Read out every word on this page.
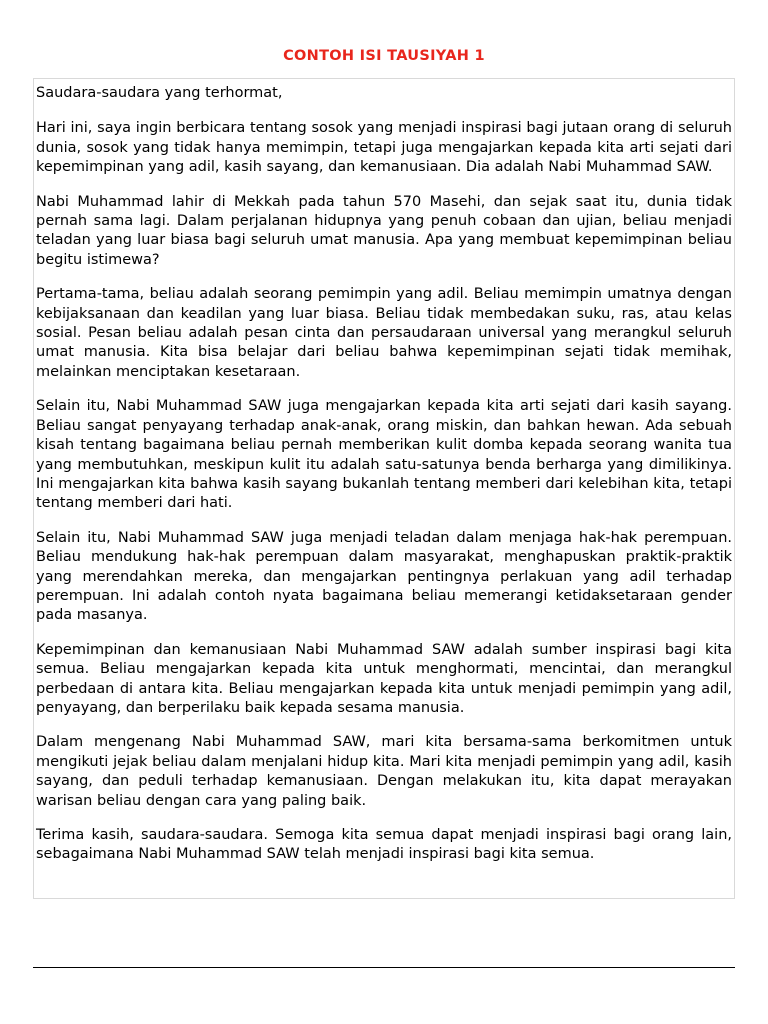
CONTOH ISI TAUSIYAH 1

Saudara-saudara yang terhormat,

Hari ini, saya ingin berbicara tentang sosok yang menjadi inspirasi bagi jutaan orang di seluruh dunia, sosok yang tidak hanya memimpin, tetapi juga mengajarkan kepada kita arti sejati dari kepemimpinan yang adil, kasih sayang, dan kemanusiaan. Dia adalah Nabi Muhammad SAW.

Nabi Muhammad lahir di Mekkah pada tahun 570 Masehi, dan sejak saat itu, dunia tidak pernah sama lagi. Dalam perjalanan hidupnya yang penuh cobaan dan ujian, beliau menjadi teladan yang luar biasa bagi seluruh umat manusia. Apa yang membuat kepemimpinan beliau begitu istimewa?

Pertama-tama, beliau adalah seorang pemimpin yang adil. Beliau memimpin umatnya dengan kebijaksanaan dan keadilan yang luar biasa. Beliau tidak membedakan suku, ras, atau kelas sosial. Pesan beliau adalah pesan cinta dan persaudaraan universal yang merangkul seluruh umat manusia. Kita bisa belajar dari beliau bahwa kepemimpinan sejati tidak memihak, melainkan menciptakan kesetaraan.

Selain itu, Nabi Muhammad SAW juga mengajarkan kepada kita arti sejati dari kasih sayang. Beliau sangat penyayang terhadap anak-anak, orang miskin, dan bahkan hewan. Ada sebuah kisah tentang bagaimana beliau pernah memberikan kulit domba kepada seorang wanita tua yang membutuhkan, meskipun kulit itu adalah satu-satunya benda berharga yang dimilikinya. Ini mengajarkan kita bahwa kasih sayang bukanlah tentang memberi dari kelebihan kita, tetapi tentang memberi dari hati.

Selain itu, Nabi Muhammad SAW juga menjadi teladan dalam menjaga hak-hak perempuan. Beliau mendukung hak-hak perempuan dalam masyarakat, menghapuskan praktik-praktik yang merendahkan mereka, dan mengajarkan pentingnya perlakuan yang adil terhadap perempuan. Ini adalah contoh nyata bagaimana beliau memerangi ketidaksetaraan gender pada masanya.

Kepemimpinan dan kemanusiaan Nabi Muhammad SAW adalah sumber inspirasi bagi kita semua. Beliau mengajarkan kepada kita untuk menghormati, mencintai, dan merangkul perbedaan di antara kita. Beliau mengajarkan kepada kita untuk menjadi pemimpin yang adil, penyayang, dan berperilaku baik kepada sesama manusia.

Dalam mengenang Nabi Muhammad SAW, mari kita bersama-sama berkomitmen untuk mengikuti jejak beliau dalam menjalani hidup kita. Mari kita menjadi pemimpin yang adil, kasih sayang, dan peduli terhadap kemanusiaan. Dengan melakukan itu, kita dapat merayakan warisan beliau dengan cara yang paling baik.

Terima kasih, saudara-saudara. Semoga kita semua dapat menjadi inspirasi bagi orang lain, sebagaimana Nabi Muhammad SAW telah menjadi inspirasi bagi kita semua.
